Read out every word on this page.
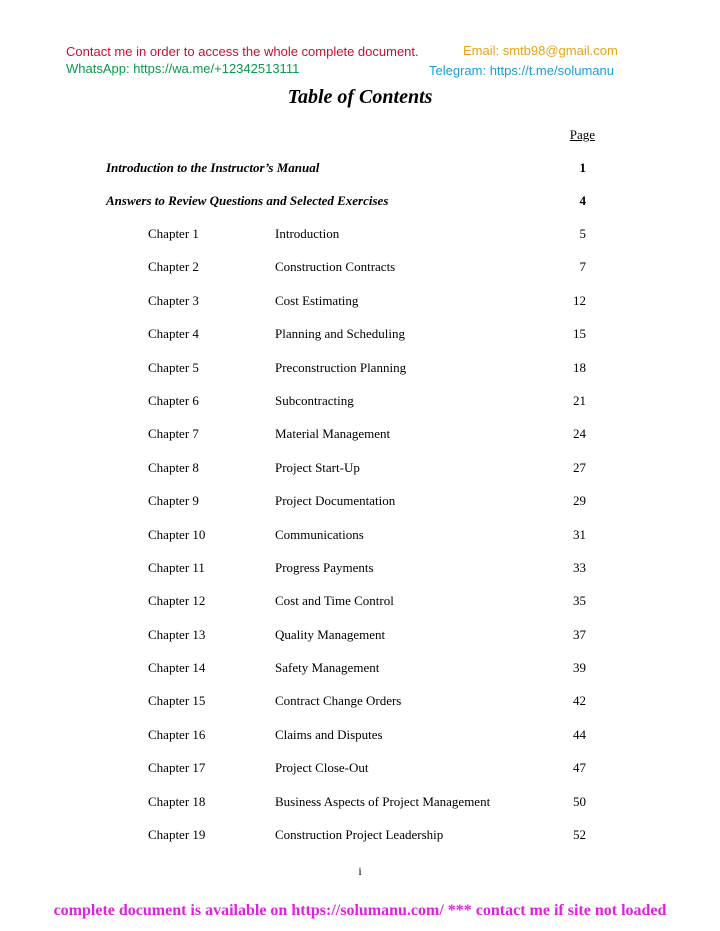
Contact me in order to access the whole complete document.
WhatsApp: https://wa.me/+12342513111
Email: smtb98@gmail.com
Telegram: https://t.me/solumanu
Table of Contents
Page
Introduction to the Instructor’s Manual	1
Answers to Review Questions and Selected Exercises	4
Chapter 1	Introduction	5
Chapter 2	Construction Contracts	7
Chapter 3	Cost Estimating	12
Chapter 4	Planning and Scheduling	15
Chapter 5	Preconstruction Planning	18
Chapter 6	Subcontracting	21
Chapter 7	Material Management	24
Chapter 8	Project Start-Up	27
Chapter 9	Project Documentation	29
Chapter 10	Communications	31
Chapter 11	Progress Payments	33
Chapter 12	Cost and Time Control	35
Chapter 13	Quality Management	37
Chapter 14	Safety Management	39
Chapter 15	Contract Change Orders	42
Chapter 16	Claims and Disputes	44
Chapter 17	Project Close-Out	47
Chapter 18	Business Aspects of Project Management	50
Chapter 19	Construction Project Leadership	52
i
complete document is available on https://solumanu.com/ *** contact me if site not loaded
